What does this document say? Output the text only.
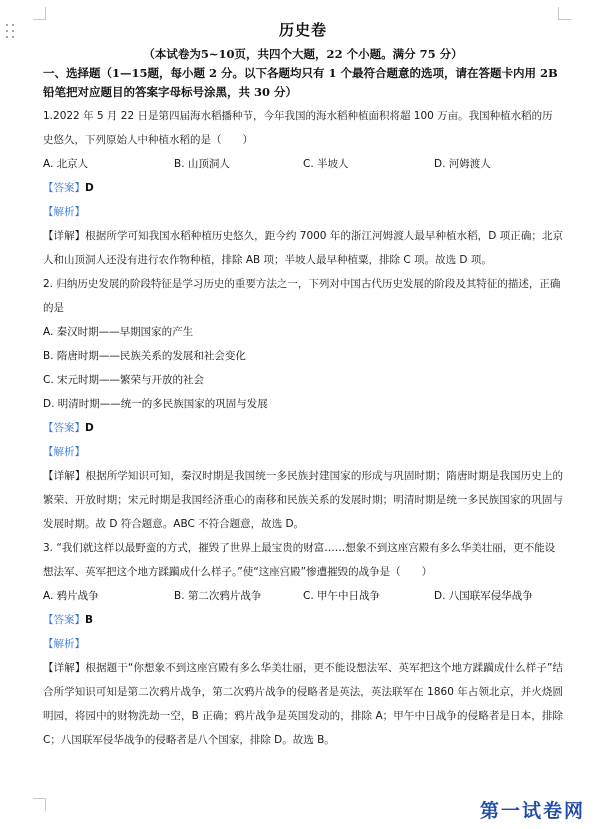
历史卷
（本试卷为5~10页，共四个大题，22 个小题。满分 75 分）
一、选择题（1—15题，每小题 2 分。以下各题均只有 1 个最符合题意的选项，请在答题卡内用 2B 铅笔把对应题目的答案字母标号涂黑，共 30 分）
1.2022 年 5 月 22 日是第四届海水稻播种节，今年我国的海水稻种植面积将超 100 万亩。我国种植水稻的历史悠久，下列原始人中种植水稻的是（　　）
A. 北京人	B. 山顶洞人	C. 半坡人	D. 河姆渡人
【答案】D
【解析】
【详解】根据所学可知我国水稻种植历史悠久，距今约 7000 年的浙江河姆渡人最早种植水稻，D 项正确；北京人和山顶洞人还没有进行农作物种植，排除 AB 项；半坡人最早种植粟，排除 C 项。故选 D 项。
2. 归纳历史发展的阶段特征是学习历史的重要方法之一，下列对中国古代历史发展的阶段及其特征的描述，正确的是
A. 秦汉时期——早期国家的产生
B. 隋唐时期——民族关系的发展和社会变化
C. 宋元时期——繁荣与开放的社会
D. 明清时期——统一的多民族国家的巩固与发展
【答案】D
【解析】
【详解】根据所学知识可知，秦汉时期是我国统一多民族封建国家的形成与巩固时期；隋唐时期是我国历史上的繁荣、开放时期；宋元时期是我国经济重心的南移和民族关系的发展时期；明清时期是统一多民族国家的巩固与发展时期。故 D 符合题意。ABC 不符合题意，故选 D。
3. “我们就这样以最野蛮的方式，摧毁了世界上最宝贵的财富……想象不到这座宫殿有多么华美壮丽，更不能设想法军、英军把这个地方蹂躏成什么样子。”使“这座宫殿”惨遭摧毁的战争是（　　）
A. 鸦片战争	B. 第二次鸦片战争	C. 甲午中日战争	D. 八国联军侵华战争
【答案】B
【解析】
【详解】根据题干“你想象不到这座宫殿有多么华美壮丽，更不能设想法军、英军把这个地方蹂躏成什么样子”结合所学知识可知是第二次鸦片战争，第二次鸦片战争的侵略者是英法，英法联军在 1860 年占领北京，并火烧圆明园，将园中的财物洗劫一空，B 正确；鸦片战争是英国发动的，排除 A；甲午中日战争的侵略者是日本，排除 C；八国联军侵华战争的侵略者是八个国家，排除 D。故选 B。
第一试卷网
